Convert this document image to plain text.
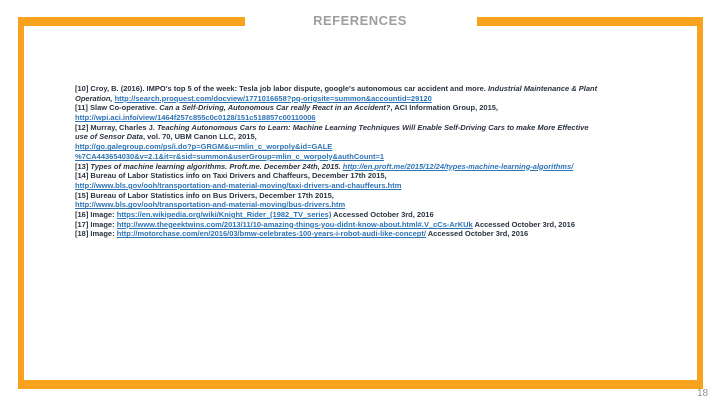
REFERENCES
[10] Croy, B. (2016). IMPO's top 5 of the week: Tesla job labor dispute, google's autonomous car accident and more. Industrial Maintenance & Plant
Operation, http://search.proquest.com/docview/1771016658?pq-origsite=summon&accountid=29120
[11] Slaw Co-operative. Can a Self-Driving, Autonomous Car really React in an Accident?, ACI Information Group, 2015,
http://wpi.aci.info/view/1464f257c855c0c0128/151c518857c00110006
[12] Murray, Charles J. Teaching Autonomous Cars to Learn: Machine Learning Techniques Will Enable Self-Driving Cars to make More Effective
use of Sensor Data, vol. 70, UBM Canon LLC, 2015,
http://go.galegroup.com/ps/i.do?p=GRGM&u=mlin_c_worpoly&id=GALE
%7CA443654030&v=2.1&it=r&sid=summon&userGroup=mlin_c_worpoly&authCount=1
[13] Types of machine learning algorithms. Proft.me. December 24th, 2015. http://en.proft.me/2015/12/24/types-machine-learning-algorithms/
[14] Bureau of Labor Statistics info on Taxi Drivers and Chaffeurs, December 17th 2015,
http://www.bls.gov/ooh/transportation-and-material-moving/taxi-drivers-and-chauffeurs.htm
[15] Bureau of Labor Statistics info on Bus Drivers, December 17th 2015,
http://www.bls.gov/ooh/transportation-and-material-moving/bus-drivers.htm
[16] Image: https://en.wikipedia.org/wiki/Knight_Rider_(1982_TV_series) Accessed October 3rd, 2016
[17] Image: http://www.thegeektwins.com/2013/11/10-amazing-things-you-didnt-know-about.html#.V_cCs-ArKUk Accessed October 3rd, 2016
[18] Image: http://motorchase.com/en/2016/03/bmw-celebrates-100-years-i-robot-audi-like-concept/ Accessed October 3rd, 2016
18
